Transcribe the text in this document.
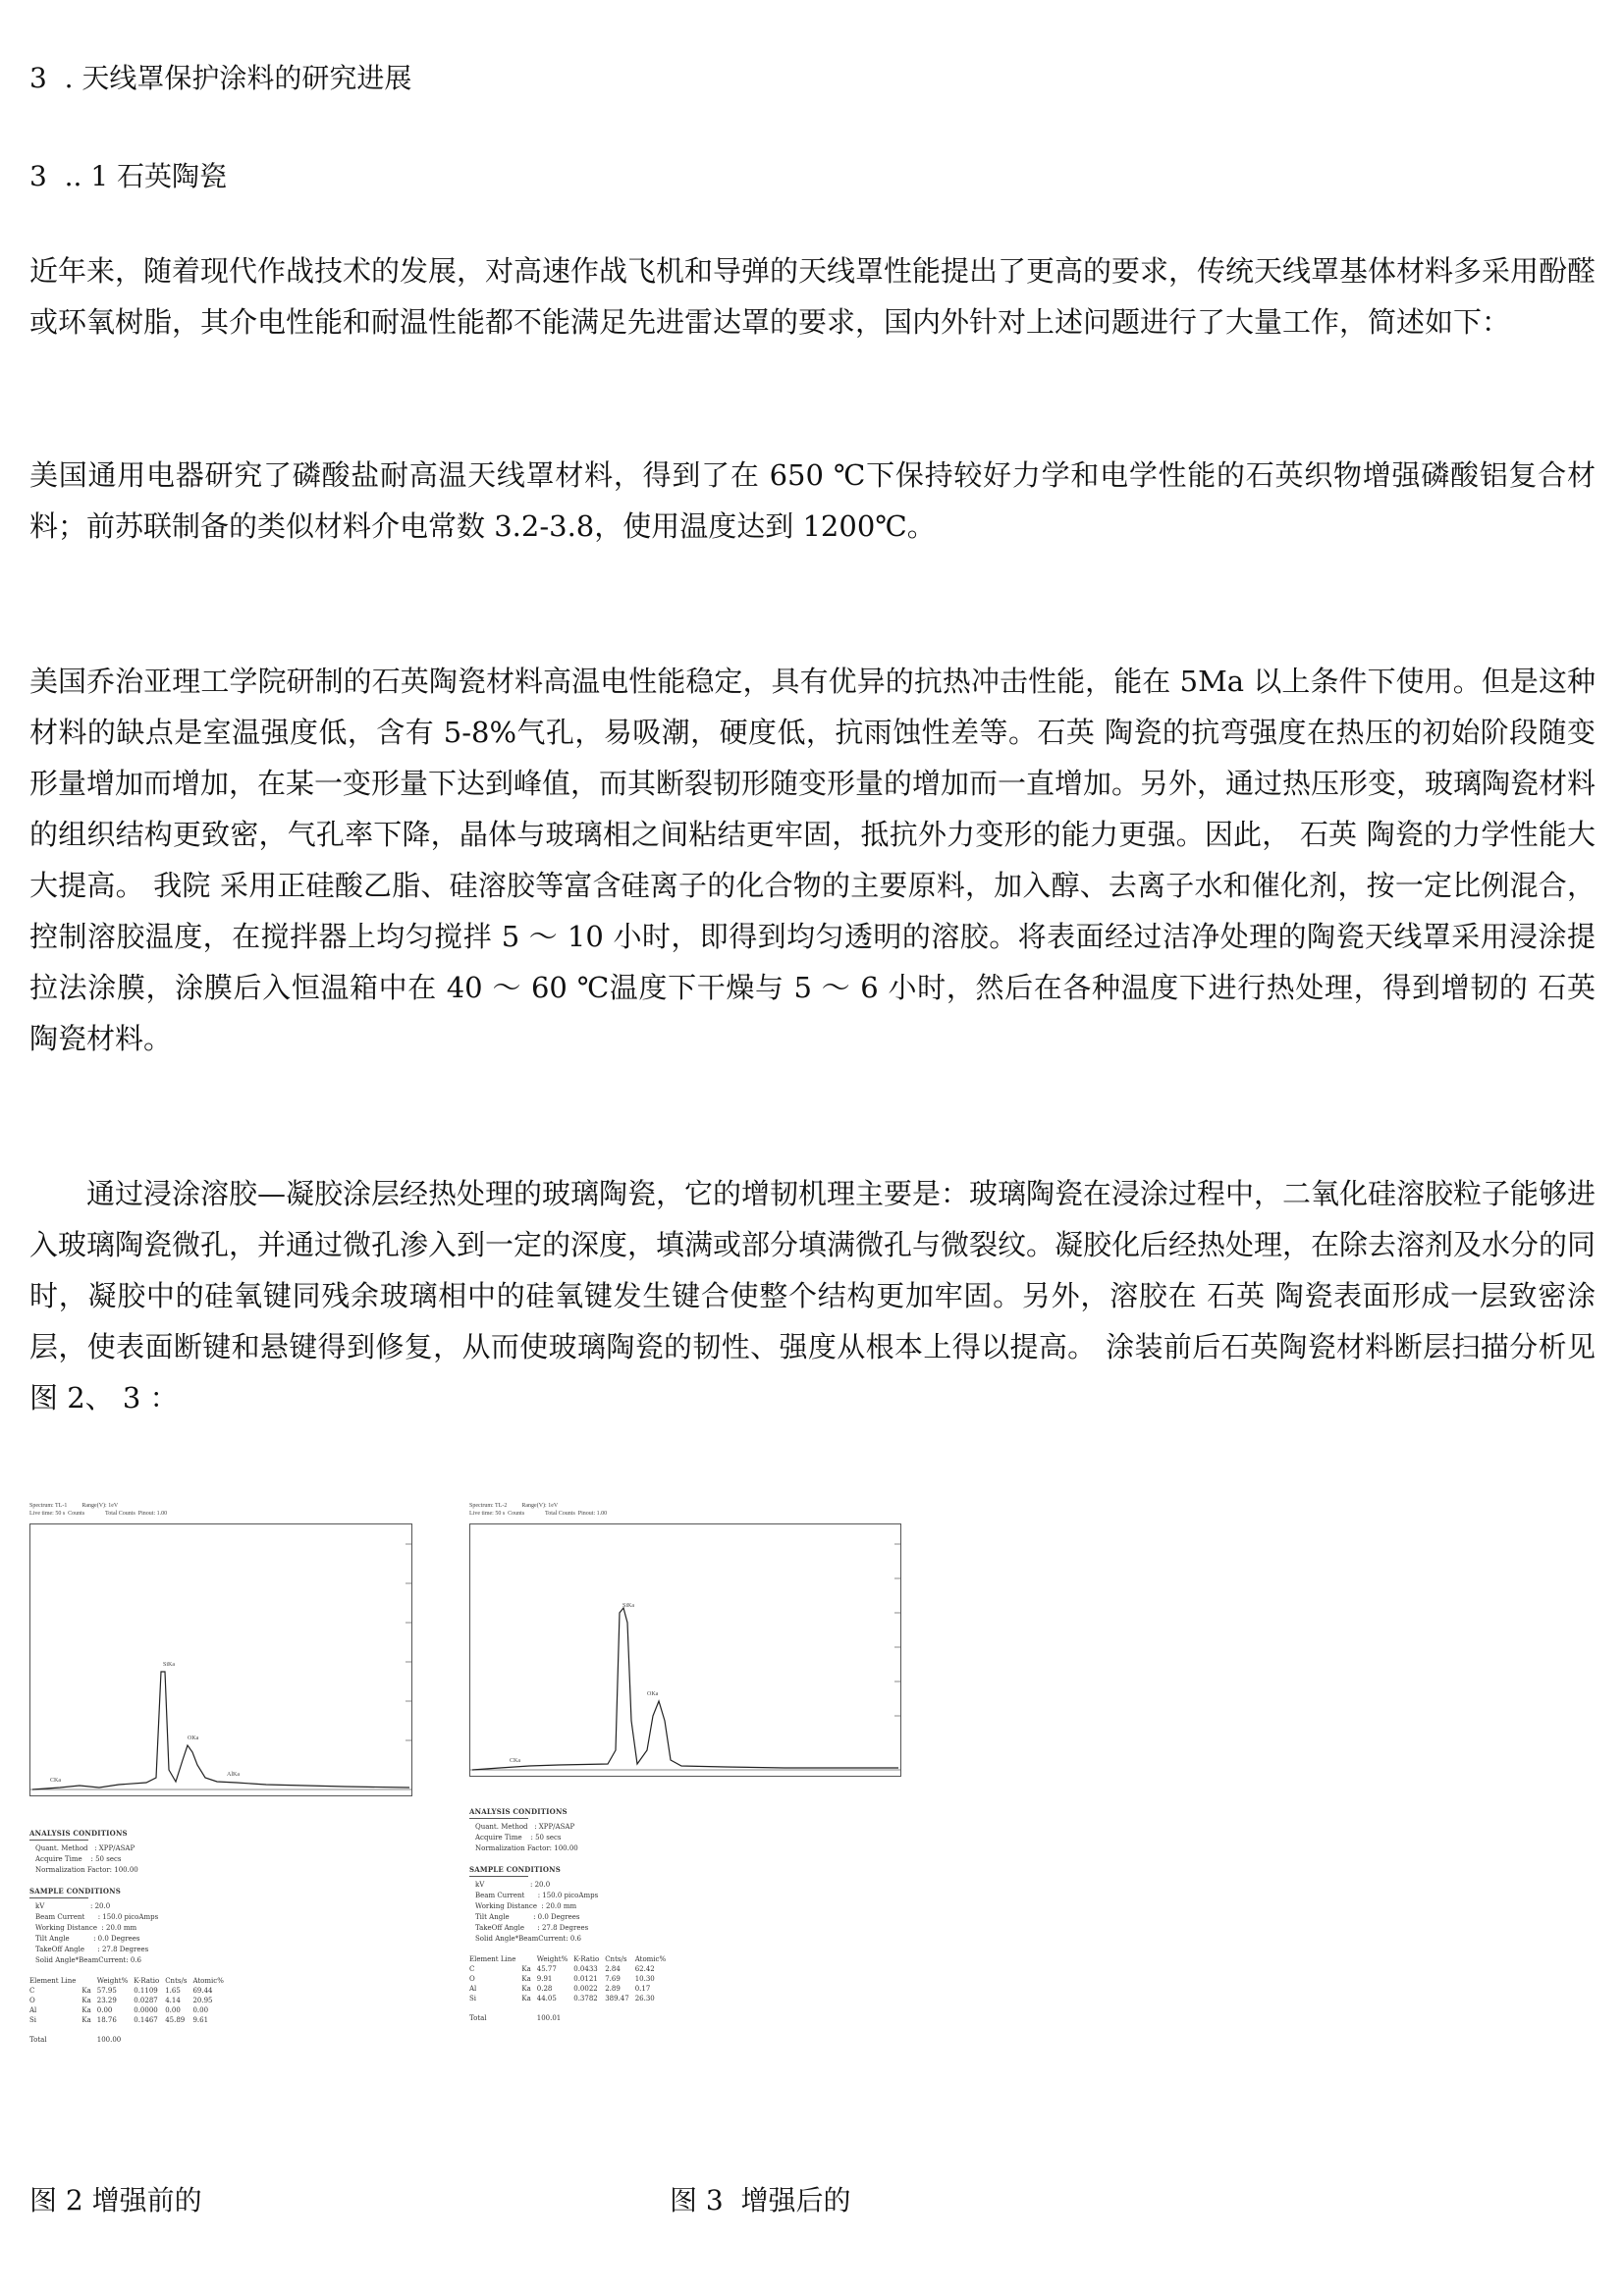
3  . 天线罩保护涂料的研究进展
3  .. 1 石英陶瓷

近年来，随着现代作战技术的发展，对高速作战飞机和导弹的天线罩性能提出了更高的要求，传统天线罩基体材料多采用酚醛或环氧树脂，其介电性能和耐温性能都不能满足先进雷达罩的要求，国内外针对上述问题进行了大量工作，简述如下：

美国通用电器研究了磷酸盐耐高温天线罩材料，得到了在 650 ℃下保持较好力学和电学性能的石英织物增强磷酸铝复合材料；前苏联制备的类似材料介电常数 3.2-3.8，使用温度达到 1200℃。

美国乔治亚理工学院研制的石英陶瓷材料高温电性能稳定，具有优异的抗热冲击性能，能在 5Ma 以上条件下使用。但是这种材料的缺点是室温强度低，含有 5-8%气孔，易吸潮，硬度低，抗雨蚀性差等。石英 陶瓷的抗弯强度在热压的初始阶段随变形量增加而增加，在某一变形量下达到峰值，而其断裂韧形随变形量的增加而一直增加。另外，通过热压形变，玻璃陶瓷材料的组织结构更致密，气孔率下降，晶体与玻璃相之间粘结更牢固，抵抗外力变形的能力更强。因此， 石英 陶瓷的力学性能大大提高。 我院 采用正硅酸乙脂、硅溶胶等富含硅离子的化合物的主要原料，加入醇、去离子水和催化剂，按一定比例混合，控制溶胶温度，在搅拌器上均匀搅拌 5 ～ 10 小时，即得到均匀透明的溶胶。将表面经过洁净处理的陶瓷天线罩采用浸涂提拉法涂膜，涂膜后入恒温箱中在 40 ～ 60 ℃温度下干燥与 5 ～ 6 小时，然后在各种温度下进行热处理，得到增韧的 石英 陶瓷材料。

通过浸涂溶胶—凝胶涂层经热处理的玻璃陶瓷，它的增韧机理主要是：玻璃陶瓷在浸涂过程中，二氧化硅溶胶粒子能够进入玻璃陶瓷微孔，并通过微孔渗入到一定的深度，填满或部分填满微孔与微裂纹。凝胶化后经热处理，在除去溶剂及水分的同时，凝胶中的硅氧键同残余玻璃相中的硅氧键发生键合使整个结构更加牢固。另外，溶胶在 石英 陶瓷表面形成一层致密涂层，使表面断键和悬键得到修复，从而使玻璃陶瓷的韧性、强度从根本上得以提高。 涂装前后石英陶瓷材料断层扫描分析见图 2、 3 ：

Spectrum: TL-1          Range(V): 1eV
Live time: 50 s  Counts              Total Counts  Pinout: 1.00
SiKa
OKa
AlKa
CKa
ANALYSIS CONDITIONS
Quant. Method   : XPP/ASAP
Acquire Time    : 50 secs
Normalization Factor: 100.00
SAMPLE CONDITIONS
kV                     : 20.0
Beam Current      : 150.0 picoAmps
Working Distance  : 20.0 mm
Tilt Angle           : 0.0 Degrees
TakeOff Angle      : 27.8 Degrees
Solid Angle*BeamCurrent: 0.6
Element Line		Weight%	K-Ratio	Cnts/s	Atomic%
C	Ka	57.95	0.1109	1.65	69.44
O	Ka	23.29	0.0287	4.14	20.95
Al	Ka	0.00	0.0000	0.00	0.00
Si	Ka	18.76	0.1467	45.89	9.61

Total		100.00			
Spectrum: TL-2          Range(V): 1eV
Live time: 50 s  Counts              Total Counts  Pinout: 1.00
SiKa
OKa
CKa
ANALYSIS CONDITIONS
Quant. Method   : XPP/ASAP
Acquire Time    : 50 secs
Normalization Factor: 100.00
SAMPLE CONDITIONS
kV                     : 20.0
Beam Current      : 150.0 picoAmps
Working Distance  : 20.0 mm
Tilt Angle           : 0.0 Degrees
TakeOff Angle      : 27.8 Degrees
Solid Angle*BeamCurrent: 0.6
Element Line		Weight%	K-Ratio	Cnts/s	Atomic%
C	Ka	45.77	0.0433	2.84	62.42
O	Ka	9.91	0.0121	7.69	10.30
Al	Ka	0.28	0.0022	2.89	0.17
Si	Ka	44.05	0.3782	389.47	26.30

Total		100.01			
图 2 增强前的	图 3  增强后的
